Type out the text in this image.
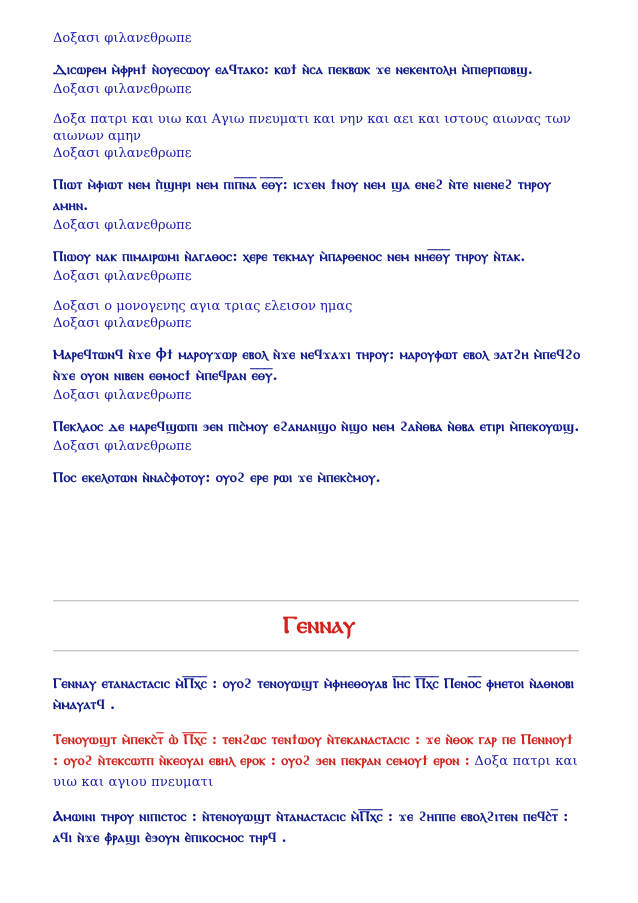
Δοξασι φιλανεθρωπε

Ⲇⲓⲥⲱⲣⲉⲙ ⲙ̀ⲫⲣⲏϯ ⲛ̀ⲟⲩⲉⲥⲱⲟⲩ ⲉⲁϥⲧⲁⲕⲟ: ⲕⲱϯ ⲛ̀ⲥⲁ ⲡⲉⲕⲃⲱⲕ ϫⲉ ⲛⲉⲕⲉⲛⲧⲟⲗⲏ ⲙ̀ⲡⲓⲉⲣⲡⲱⲃϣ.

Δοξασι φιλανεθρωπε

Δοξα πατρι και υιω και Αγιω πνευματι και νην και αει και ιστους αιωνας των αιωνων αμην

Δοξασι φιλανεθρωπε

Ⲡⲓⲱⲧ ⲙ̀ⲫⲓⲱⲧ ⲛⲉⲙ ⲡ̀ϣⲏⲣⲓ ⲛⲉⲙ ⲡⲓⲡ̅ⲛ̅ⲁ̅ ⲉ̅ⲑ̅ⲩ̅: ⲓⲥϫⲉⲛ ϯⲛⲟⲩ ⲛⲉⲙ ϣⲁ ⲉⲛⲉϩ ⲛ̀ⲧⲉ ⲛⲓⲉⲛⲉϩ ⲧⲏⲣⲟⲩ ⲁⲙⲏⲛ.

Δοξασι φιλανεθρωπε

Ⲡⲓⲱⲟⲩ ⲛⲁⲕ ⲡⲓⲙⲁⲓⲣⲱⲙⲓ ⲛ̀ⲁⲅⲁⲑⲟⲥ: ⲭⲉⲣⲉ ⲧⲉⲕⲙⲁⲩ ⲙ̀ⲡⲁⲣⲑⲉⲛⲟⲥ ⲛⲉⲙ ⲛⲏⲉ̅ⲑ̅ⲩ̅ ⲧⲏⲣⲟⲩ ⲛ̀ⲧⲁⲕ.

Δοξασι φιλανεθρωπε

Δοξασι ο μονογενης αγια τριας ελεισον ημας

Δοξασι φιλανεθρωπε

Ⲙⲁⲣⲉϥⲧⲱⲛϥ ⲛ̀ϫⲉ Ⲫϯ ⲙⲁⲣⲟⲩϫⲱⲣ ⲉⲃⲟⲗ ⲛ̀ϫⲉ ⲛⲉϥϫⲁϫⲓ ⲧⲏⲣⲟⲩ: ⲙⲁⲣⲟⲩⲫⲱⲧ ⲉⲃⲟⲗ ϧⲁⲧϩⲏ ⲙ̀ⲡⲉϥϩⲟ ⲛ̀ϫⲉ ⲟⲩⲟⲛ ⲛⲓⲃⲉⲛ ⲉⲑⲙⲟⲥϯ ⲙ̀ⲡⲉϥⲣⲁⲛ ⲉ̅ⲑ̅ⲩ̅.

Δοξασι φιλανεθρωπε

Ⲡⲉⲕⲗⲁⲟⲥ ⲇⲉ ⲙⲁⲣⲉϥϣⲱⲡⲓ ϧⲉⲛ ⲡⲓⲥ̀ⲙⲟⲩ ⲉϩⲁⲛⲁⲛϣⲟ ⲛ̀ϣⲟ ⲛⲉⲙ ϩⲁⲛ̀ⲑⲃⲁ ⲛ̀ⲑⲃⲁ ⲉⲧⲓⲣⲓ ⲙ̀ⲡⲉⲕⲟⲩⲱϣ.

Δοξασι φιλανεθρωπε

Ⲡⲟⲥ ⲉⲕⲉⲗⲟⲧⲱⲛ ⲛ̀ⲛⲁⲥ̀ⲫⲟⲧⲟⲩ: ⲟⲩⲟϩ ⲉⲣⲉ ⲣⲱⲓ ϫⲉ ⲙ̀ⲡⲉⲕⲥ̀ⲙⲟⲩ.

Ⲅⲉⲛⲛⲁⲩ

Ⲅⲉⲛⲛⲁⲩ ⲉⲧⲁⲛⲁⲥⲧⲁⲥⲓⲥ ⲙ̀Ⲡ̅ⲭ̅ⲥ̅ : ⲟⲩⲟϩ ⲧⲉⲛⲟⲩⲱϣⲧ ⲙ̀ⲫⲏⲉⲑⲟⲩⲁⲃ Ⲓ̅ⲏ̅ⲥ̅ Ⲡ̅ⲭ̅ⲥ̅ Ⲡⲉⲛⲟ̅ⲥ̅ ⲫⲏⲉⲧⲟⲓ ⲛ̀ⲁⲑⲛⲟⲃⲓ ⲙ̀ⲙⲁⲩⲁⲧϥ .

Ⲧⲉⲛⲟⲩⲱϣⲧ ⲙ̀ⲡⲉⲕⲥ̀ⲧ̅ ⲱ̀ Ⲡ̅ⲭ̅ⲥ̅ : ⲧⲉⲛϩⲱⲥ ⲧⲉⲛϯⲱⲟⲩ ⲛ̀ⲧⲉⲕⲁⲛⲁⲥⲧⲁⲥⲓⲥ : ϫⲉ ⲛ̀ⲑⲟⲕ ⲅⲁⲣ ⲡⲉ Ⲡⲉⲛⲛⲟⲩϯ : ⲟⲩⲟϩ ⲛ̀ⲧⲉⲕⲥⲱⲧⲡ ⲛ̀ⲕⲉⲟⲩⲁⲓ ⲉⲃⲏⲗ ⲉⲣⲟⲕ : ⲟⲩⲟϩ ϧⲉⲛ ⲡⲉⲕⲣⲁⲛ ⲥⲉⲙⲟⲩϯ ⲉⲣⲟⲛ : Δοξα πατρι και υιω και αγιου πνευματι

Ⲁⲙⲱⲓⲛⲓ ⲧⲏⲣⲟⲩ ⲛⲓⲡⲓⲥⲧⲟⲥ : ⲛ̀ⲧⲉⲛⲟⲩⲱϣⲧ ⲛ̀ⲧⲁⲛⲁⲥⲧⲁⲥⲓⲥ ⲙ̀Ⲡ̅ⲭ̅ⲥ̅ : ϫⲉ ϩⲏⲡⲡⲉ ⲉⲃⲟⲗϩⲓⲧⲉⲛ ⲡⲉϥⲥ̀ⲧ̅ : ⲁϥⲓ ⲛ̀ϫⲉ ⲫ̀ⲣⲁϣⲓ ⲉ̀ϧⲟⲩⲛ ⲉ̀ⲡⲓⲕⲟⲥⲙⲟⲥ ⲧⲏⲣϥ .
